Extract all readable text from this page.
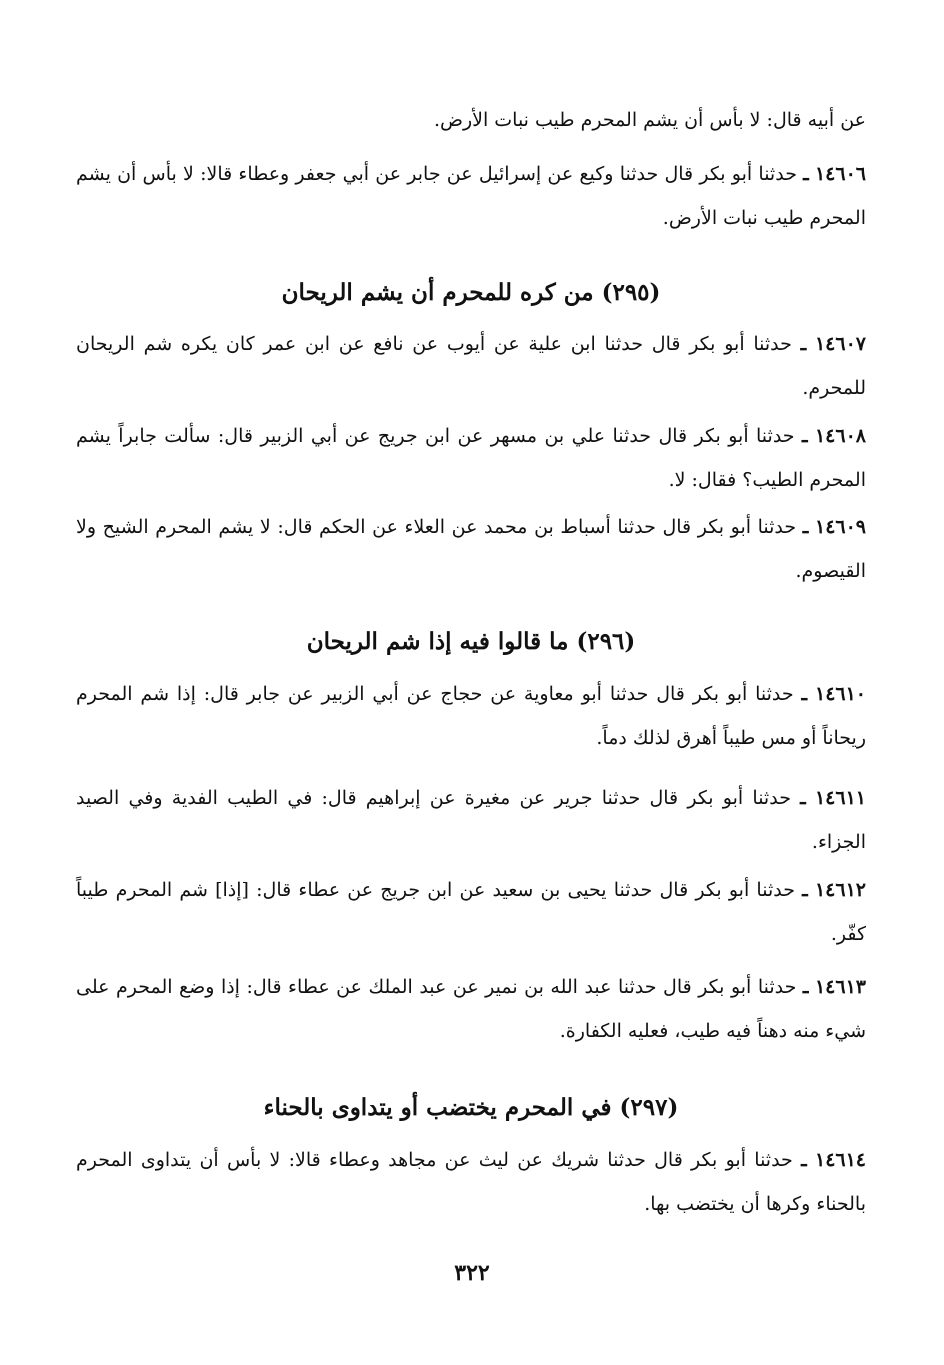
عن أبيه قال: لا بأس أن يشم المحرم طيب نبات الأرض.

١٤٦٠٦ ـ حدثنا أبو بكر قال حدثنا وكيع عن إسرائيل عن جابر عن أبي جعفر وعطاء قالا: لا بأس أن يشم المحرم طيب نبات الأرض.

(٢٩٥) من كره للمحرم أن يشم الريحان

١٤٦٠٧ ـ حدثنا أبو بكر قال حدثنا ابن علية عن أيوب عن نافع عن ابن عمر كان يكره شم الريحان للمحرم.

١٤٦٠٨ ـ حدثنا أبو بكر قال حدثنا علي بن مسهر عن ابن جريج عن أبي الزبير قال: سألت جابراً يشم المحرم الطيب؟ فقال: لا.

١٤٦٠٩ ـ حدثنا أبو بكر قال حدثنا أسباط بن محمد عن العلاء عن الحكم قال: لا يشم المحرم الشيح ولا القيصوم.

(٢٩٦) ما قالوا فيه إذا شم الريحان

١٤٦١٠ ـ حدثنا أبو بكر قال حدثنا أبو معاوية عن حجاج عن أبي الزبير عن جابر قال: إذا شم المحرم ريحاناً أو مس طيباً أهرق لذلك دماً.

١٤٦١١ ـ حدثنا أبو بكر قال حدثنا جرير عن مغيرة عن إبراهيم قال: في الطيب الفدية وفي الصيد الجزاء.

١٤٦١٢ ـ حدثنا أبو بكر قال حدثنا يحيى بن سعيد عن ابن جريج عن عطاء قال: [إذا] شم المحرم طيباً كفّر.

١٤٦١٣ ـ حدثنا أبو بكر قال حدثنا عبد الله بن نمير عن عبد الملك عن عطاء قال: إذا وضع المحرم على شيء منه دهناً فيه طيب، فعليه الكفارة.

(٢٩٧) في المحرم يختضب أو يتداوى بالحناء

١٤٦١٤ ـ حدثنا أبو بكر قال حدثنا شريك عن ليث عن مجاهد وعطاء قالا: لا بأس أن يتداوى المحرم بالحناء وكرها أن يختضب بها.

٣٢٢
